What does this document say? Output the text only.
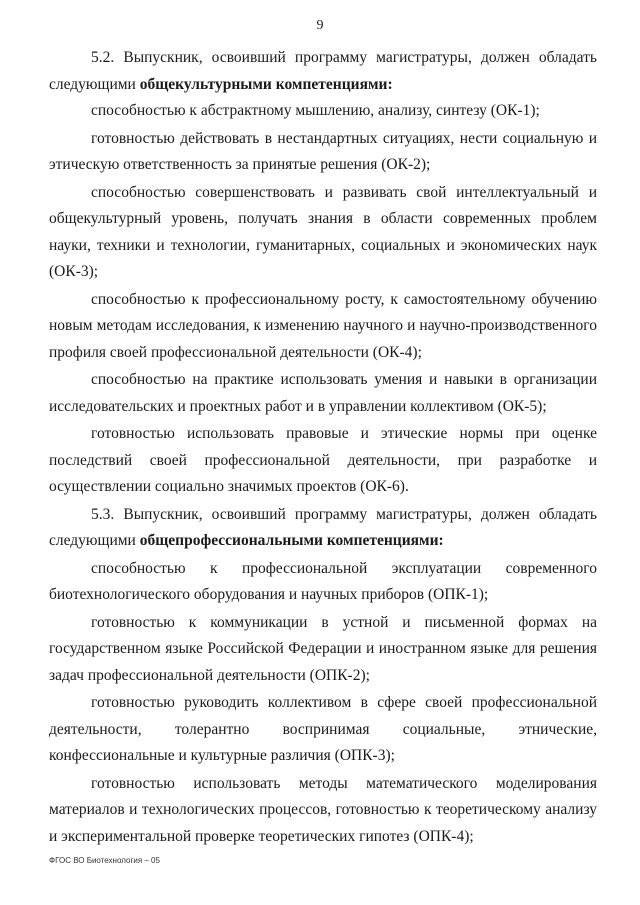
9

5.2. Выпускник, освоивший программу магистратуры, должен обладать следующими общекультурными компетенциями:

способностью к абстрактному мышлению, анализу, синтезу (ОК-1);

готовностью действовать в нестандартных ситуациях, нести социальную и этическую ответственность за принятые решения (ОК-2);

способностью совершенствовать и развивать свой интеллектуальный и общекультурный уровень, получать знания в области современных проблем науки, техники и технологии, гуманитарных, социальных и экономических наук (ОК-3);

способностью к профессиональному росту, к самостоятельному обучению новым методам исследования, к изменению научного и научно-производственного профиля своей профессиональной деятельности (ОК-4);

способностью на практике использовать умения и навыки в организации исследовательских и проектных работ и в управлении коллективом (ОК-5);

готовностью использовать правовые и этические нормы при оценке последствий своей профессиональной деятельности, при разработке и осуществлении социально значимых проектов (ОК-6).

5.3. Выпускник, освоивший программу магистратуры, должен обладать следующими общепрофессиональными компетенциями:

способностью к профессиональной эксплуатации современного биотехнологического оборудования и научных приборов (ОПК-1);

готовностью к коммуникации в устной и письменной формах на государственном языке Российской Федерации и иностранном языке для решения задач профессиональной деятельности (ОПК-2);

готовностью руководить коллективом в сфере своей профессиональной деятельности, толерантно воспринимая социальные, этнические, конфессиональные и культурные различия (ОПК-3);

готовностью использовать методы математического моделирования материалов и технологических процессов, готовностью к теоретическому анализу и экспериментальной проверке теоретических гипотез (ОПК-4);

ФГОС ВО Биотехнология – 05
